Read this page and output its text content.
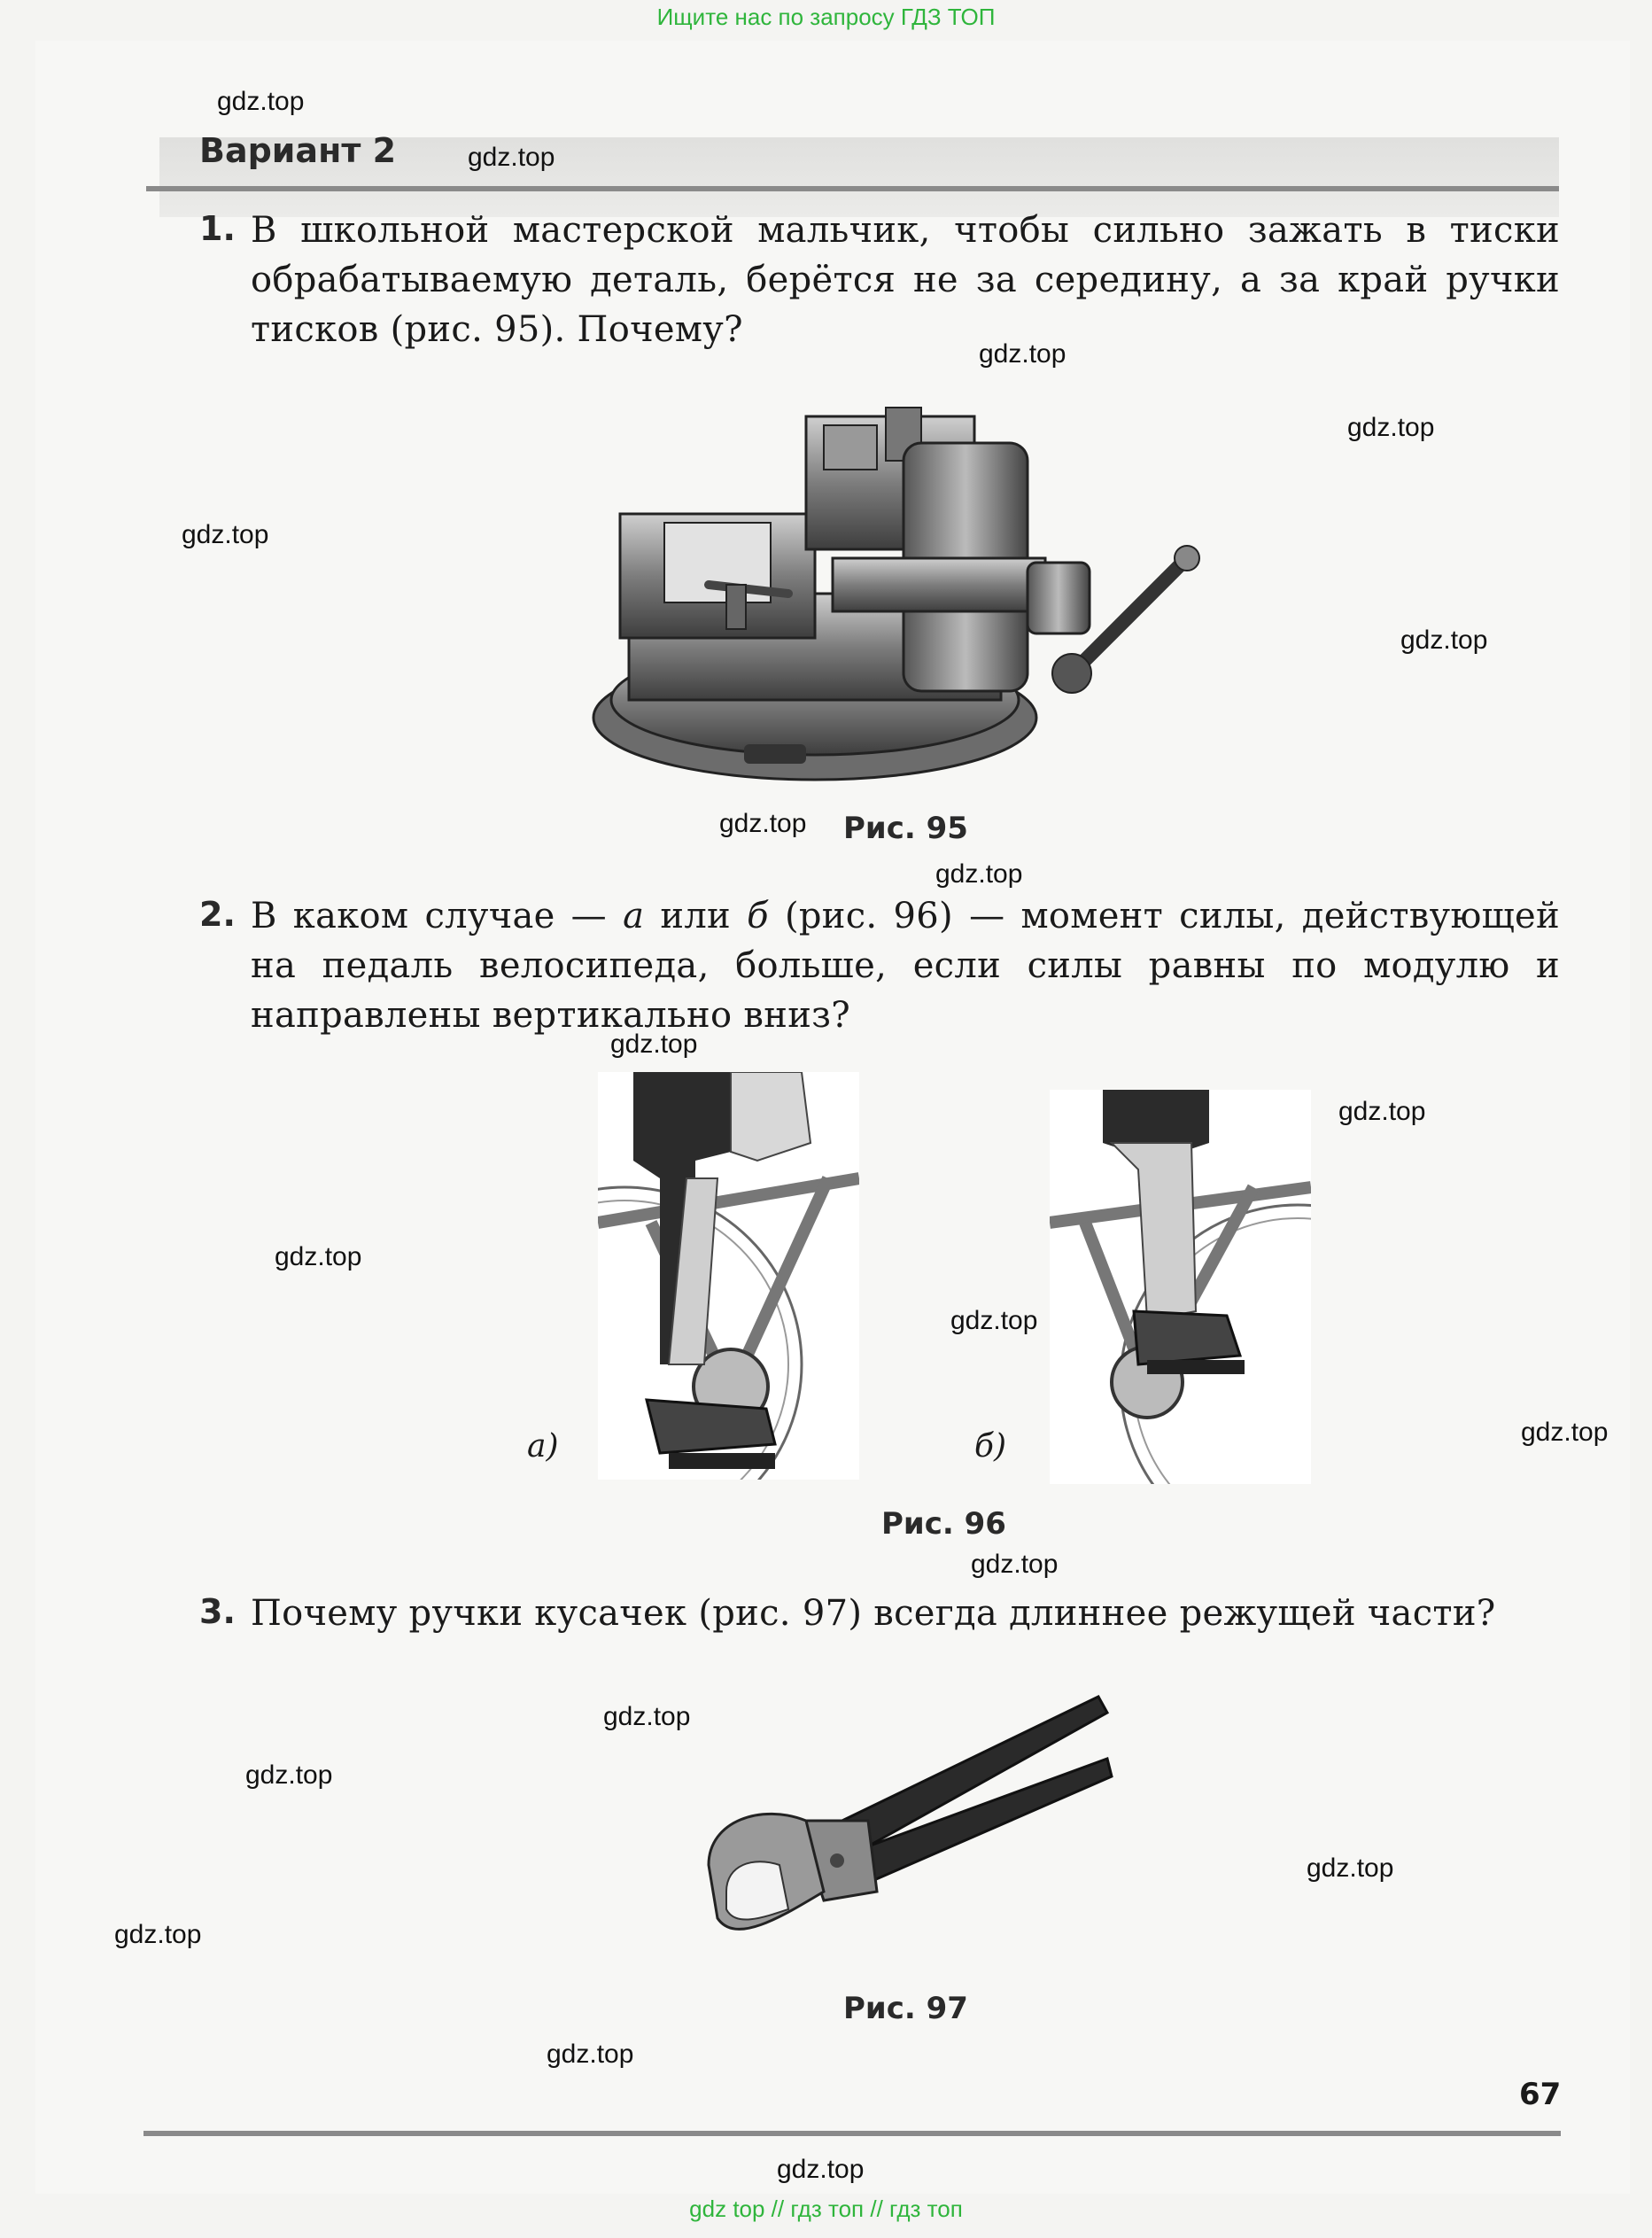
Ищите нас по запросу ГДЗ ТОП
Вариант 2
1. В школьной мастерской мальчик, чтобы сильно зажать в тиски обрабатываемую деталь, берётся не за середину, а за край ручки тисков (рис. 95). Почему?
Рис. 95
2. В каком случае — а или б (рис. 96) — момент силы, действующей на педаль велосипеда, больше, если силы равны по модулю и направлены вертикально вниз?
а)	б)
Рис. 96
3. Почему ручки кусачек (рис. 97) всегда длиннее режущей части?
Рис. 97
67
gdz.top
gdz.top
gdz.top
gdz.top
gdz.top
gdz.top
gdz.top
gdz.top
gdz.top
gdz.top
gdz.top
gdz.top
gdz.top
gdz.top
gdz.top
gdz.top
gdz.top
gdz.top
gdz.top
gdz.top
gdz top // гдз топ // гдз топ
